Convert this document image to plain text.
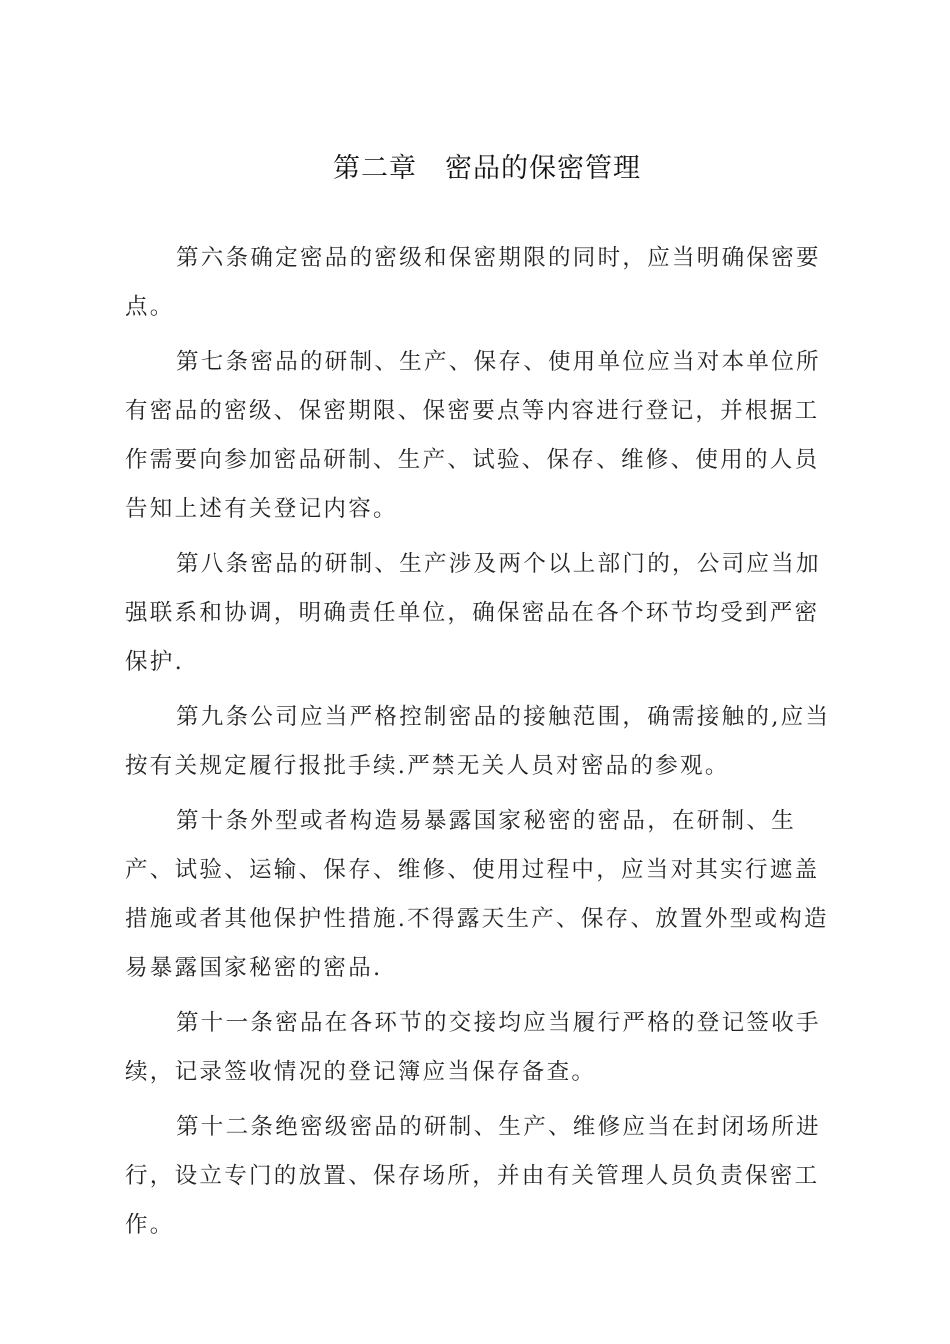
第二章　密品的保密管理

第六条确定密品的密级和保密期限的同时，应当明确保密要点。

第七条密品的研制、生产、保存、使用单位应当对本单位所有密品的密级、保密期限、保密要点等内容进行登记，并根据工作需要向参加密品研制、生产、试验、保存、维修、使用的人员告知上述有关登记内容。

第八条密品的研制、生产涉及两个以上部门的，公司应当加强联系和协调，明确责任单位，确保密品在各个环节均受到严密保护.

第九条公司应当严格控制密品的接触范围，确需接触的,应当按有关规定履行报批手续.严禁无关人员对密品的参观。

第十条外型或者构造易暴露国家秘密的密品，在研制、生产、试验、运输、保存、维修、使用过程中，应当对其实行遮盖措施或者其他保护性措施.不得露天生产、保存、放置外型或构造易暴露国家秘密的密品.

第十一条密品在各环节的交接均应当履行严格的登记签收手续，记录签收情况的登记簿应当保存备查。

第十二条绝密级密品的研制、生产、维修应当在封闭场所进行，设立专门的放置、保存场所，并由有关管理人员负责保密工作。
